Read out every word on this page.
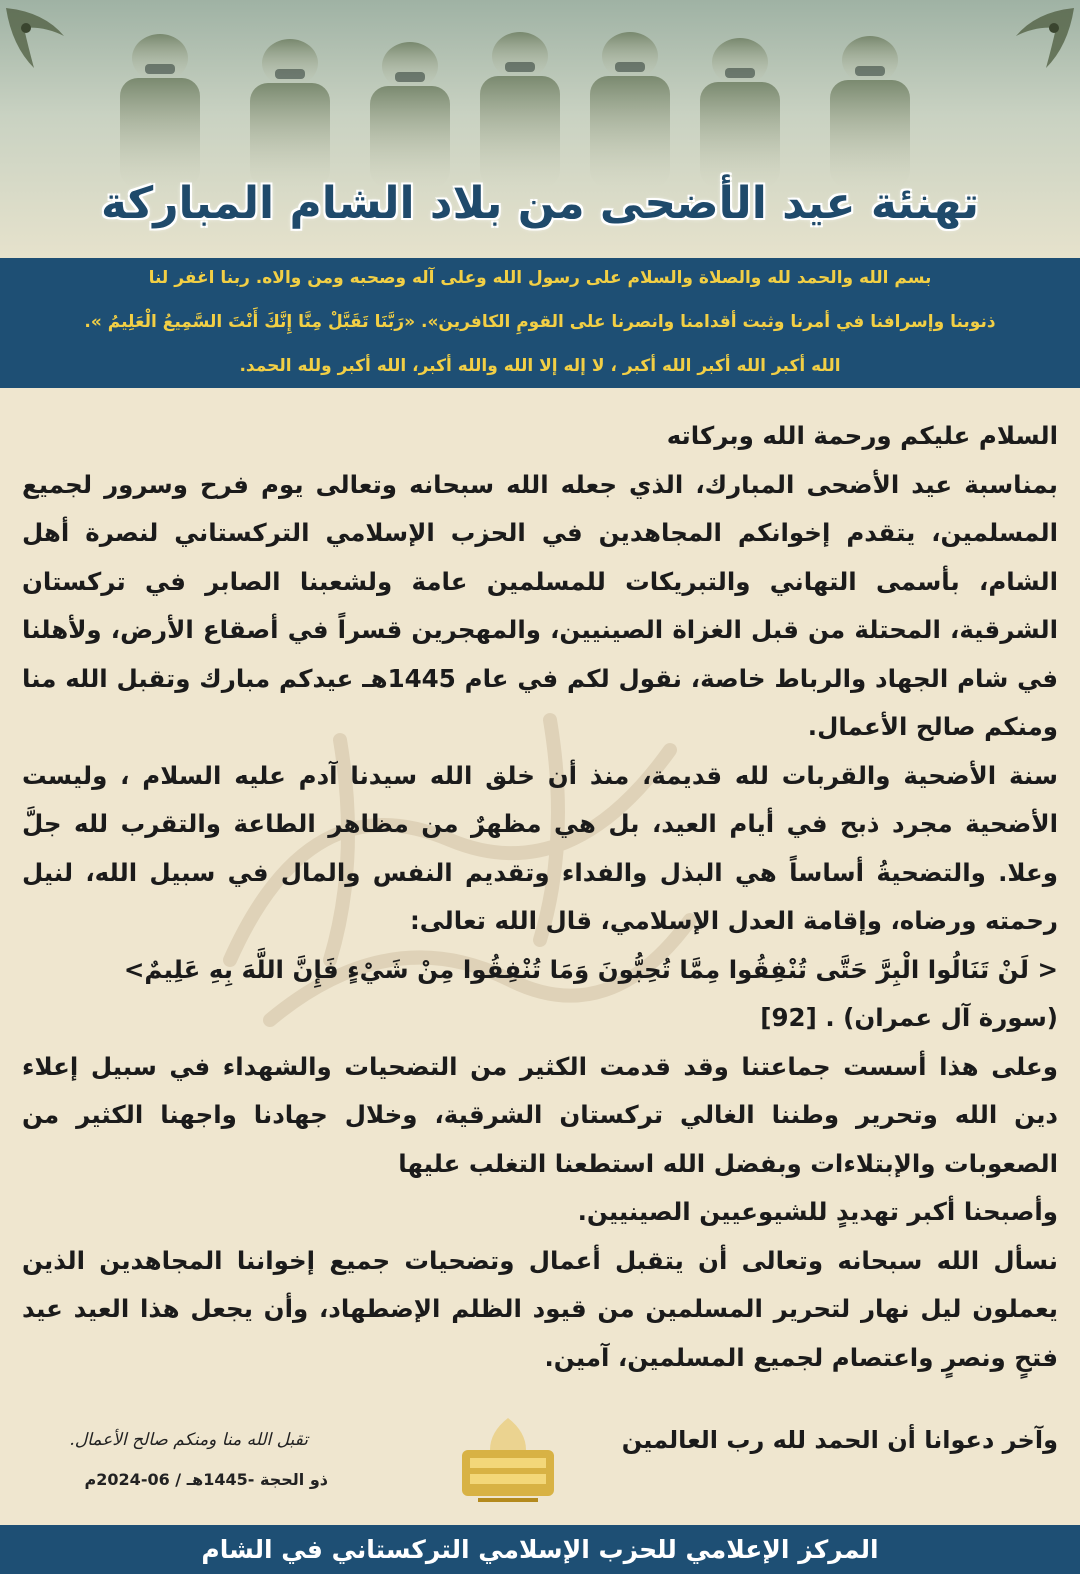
تهنئة عيد الأضحى من بلاد الشام المباركة

بسم الله والحمد لله والصلاة والسلام على رسول الله وعلى آله وصحبه ومن والاه. ربنا اغفر لنا

ذنوبنا وإسرافنا في أمرنا وثبت أقدامنا وانصرنا على القومِ الكافرين». «رَبَّنَا تَقَبَّلْ مِنَّا إِنَّكَ أَنْتَ السَّمِيعُ الْعَلِيمُ ».

الله أكبر الله أكبر الله أكبر ، لا إله إلا الله والله أكبر، الله أكبر ولله الحمد.

السلام عليكم ورحمة الله وبركاته

بمناسبة عيد الأضحى المبارك، الذي جعله الله سبحانه وتعالى يوم فرح وسرور لجميع المسلمين، يتقدم إخوانكم المجاهدين في الحزب الإسلامي التركستاني لنصرة أهل الشام، بأسمى التهاني والتبريكات للمسلمين عامة ولشعبنا الصابر في تركستان الشرقية، المحتلة من قبل الغزاة الصينيين، والمهجرين قسراً في أصقاع الأرض، ولأهلنا في شام الجهاد والرباط خاصة، نقول لكم في عام 1445هـ عيدكم مبارك وتقبل الله منا ومنكم صالح الأعمال.

سنة الأضحية والقربات لله قديمة، منذ أن خلق الله سيدنا آدم عليه السلام ، وليست الأضحية مجرد ذبح في أيام العيد، بل هي مظهرٌ من مظاهر الطاعة والتقرب لله جلَّ وعلا. والتضحيةُ أساساً هي البذل والفداء وتقديم النفس والمال في سبيل الله، لنيل رحمته ورضاه، وإقامة العدل الإسلامي، قال الله تعالى:

< لَنْ تَنَالُوا الْبِرَّ حَتَّى تُنْفِقُوا مِمَّا تُحِبُّونَ وَمَا تُنْفِقُوا مِنْ شَيْءٍ فَإِنَّ اللَّهَ بِهِ عَلِيمٌ>

(سورة آل عمران) . [92]

وعلى هذا أسست جماعتنا وقد قدمت الكثير من التضحيات والشهداء في سبيل إعلاء دين الله وتحرير وطننا الغالي تركستان الشرقية، وخلال جهادنا واجهنا الكثير من الصعوبات والإبتلاءات وبفضل الله استطعنا التغلب عليها

وأصبحنا أكبر تهديدٍ للشيوعيين الصينيين.

نسأل الله سبحانه وتعالى أن يتقبل أعمال وتضحيات جميع إخواننا المجاهدين الذين يعملون ليل نهار لتحرير المسلمين من قيود الظلم الإضطهاد، وأن يجعل هذا العيد عيد فتحٍ ونصرٍ واعتصام لجميع المسلمين، آمين.

وآخر دعوانا أن الحمد لله رب العالمين
تقبل الله منا ومنكم صالح الأعمال.
ذو الحجة -1445هـ / 06-2024م
المركز الإعلامي للحزب الإسلامي التركستاني في الشام
